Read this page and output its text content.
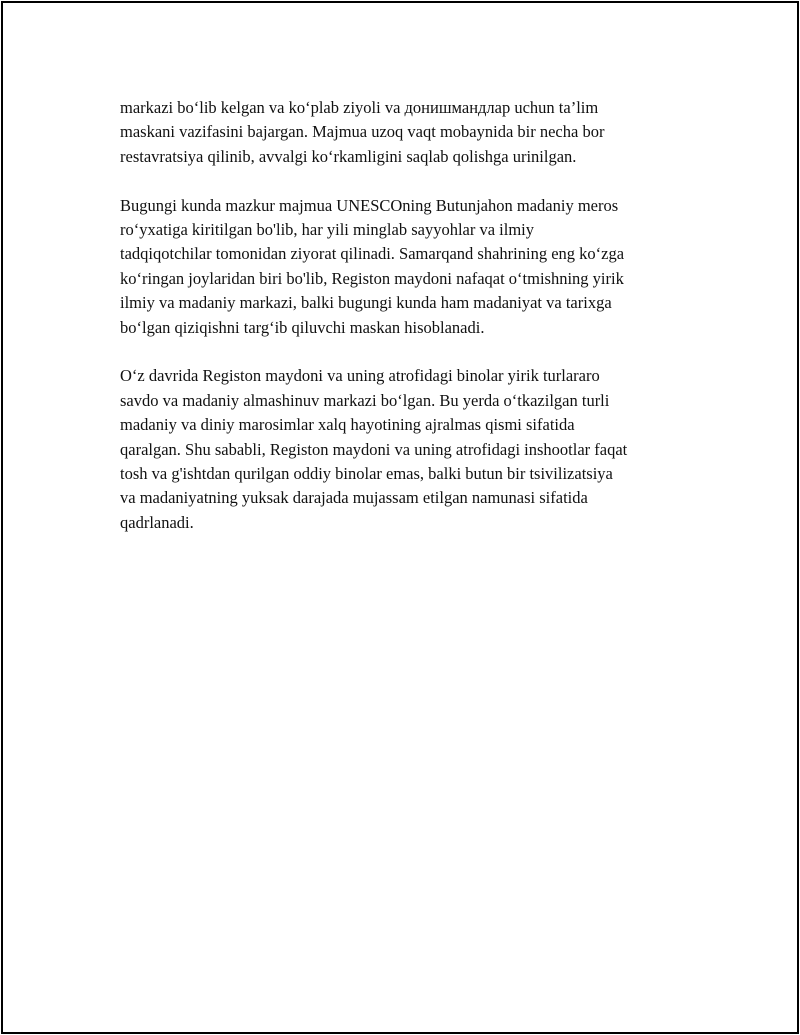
markazi bo‘lib kelgan va ko‘plab ziyoli va донишмандлар uchun ta’lim
maskani vazifasini bajargan. Majmua uzoq vaqt mobaynida bir necha bor
restavratsiya qilinib, avvalgi ko‘rkamligini saqlab qolishga urinilgan.

Bugungi kunda mazkur majmua UNESCOning Butunjahon madaniy meros
ro‘yxatiga kiritilgan bo'lib, har yili minglab sayyohlar va ilmiy
tadqiqotchilar tomonidan ziyorat qilinadi. Samarqand shahrining eng ko‘zga
ko‘ringan joylaridan biri bo'lib, Registon maydoni nafaqat o‘tmishning yirik
ilmiy va madaniy markazi, balki bugungi kunda ham madaniyat va tarixga
bo‘lgan qiziqishni targ‘ib qiluvchi maskan hisoblanadi.

O‘z davrida Registon maydoni va uning atrofidagi binolar yirik turlararo
savdo va madaniy almashinuv markazi bo‘lgan. Bu yerda o‘tkazilgan turli
madaniy va diniy marosimlar xalq hayotining ajralmas qismi sifatida
qaralgan. Shu sababli, Registon maydoni va uning atrofidagi inshootlar faqat
tosh va g'ishtdan qurilgan oddiy binolar emas, balki butun bir tsivilizatsiya
va madaniyatning yuksak darajada mujassam etilgan namunasi sifatida
qadrlanadi.
